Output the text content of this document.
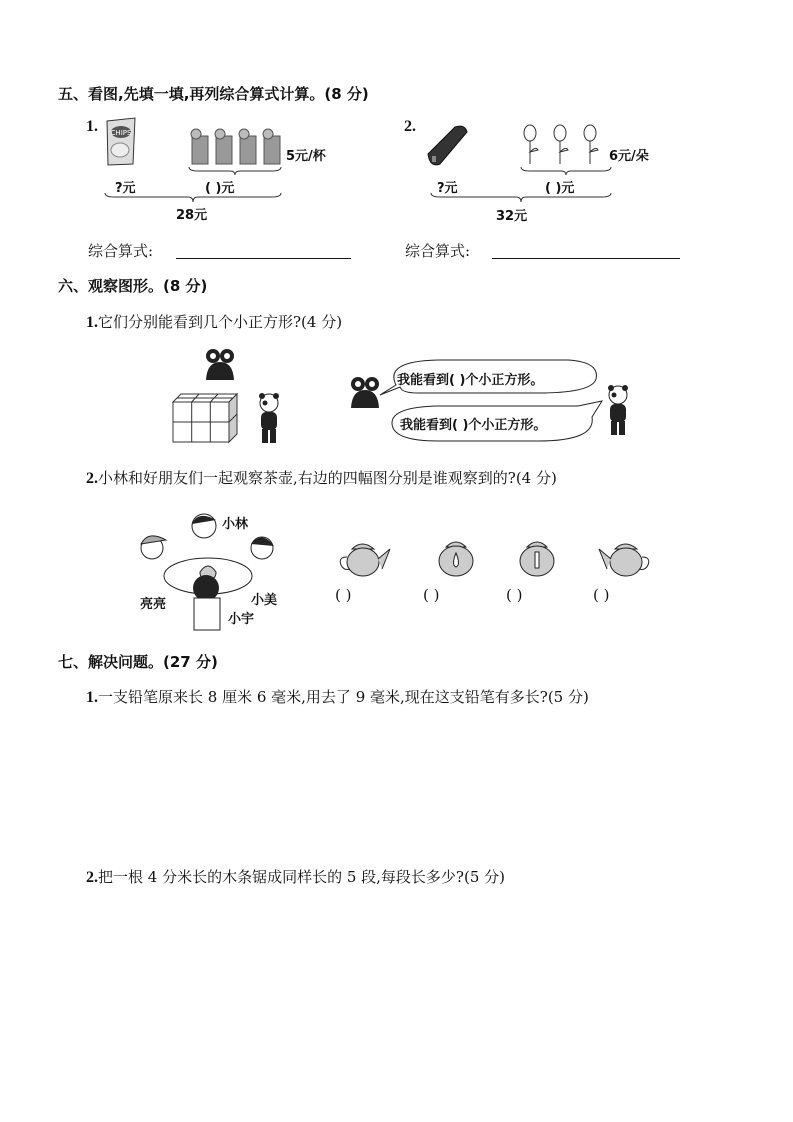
五、看图,先填一填,再列综合算式计算。(8 分)
1. CHIPS
5元/杯
?元	( )元
28元
综合算式:
2.
6元/朵
?元	( )元
32元
综合算式:
六、观察图形。(8 分)
1.它们分别能看到几个小正方形?(4 分)
我能看到( )个小正方形。
我能看到( )个小正方形。
2.小林和好朋友们一起观察茶壶,右边的四幅图分别是谁观察到的?(4 分)
小林
亮亮	小美
小宇
( )	( )	( )	( )
七、解决问题。(27 分)
1.一支铅笔原来长 8 厘米 6 毫米,用去了 9 毫米,现在这支铅笔有多长?(5 分)
2.把一根 4 分米长的木条锯成同样长的 5 段,每段长多少?(5 分)
